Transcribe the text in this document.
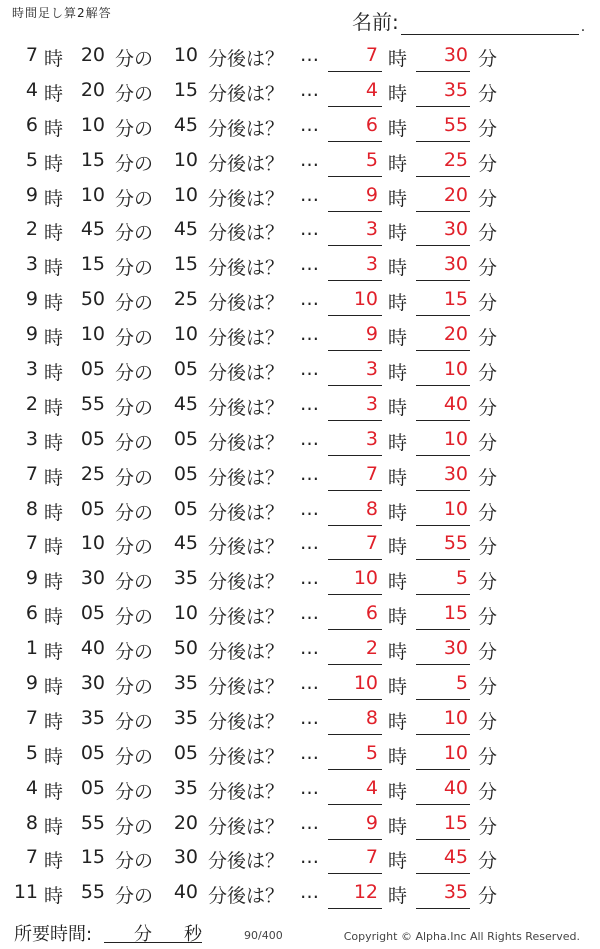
時間足し算2解答	名前:	.
7 時 20 分の	10 分後は？ …	7 時	30 分
4 時 20 分の	15 分後は？ …	4 時	35 分
6 時 10 分の	45 分後は？ …	6 時	55 分
5 時 15 分の	10 分後は？ …	5 時	25 分
9 時 10 分の	10 分後は？ …	9 時	20 分
2 時 45 分の	45 分後は？ …	3 時	30 分
3 時 15 分の	15 分後は？ …	3 時	30 分
9 時 50 分の	25 分後は？ …	10 時	15 分
9 時 10 分の	10 分後は？ …	9 時	20 分
3 時 05 分の	05 分後は？ …	3 時	10 分
2 時 55 分の	45 分後は？ …	3 時	40 分
3 時 05 分の	05 分後は？ …	3 時	10 分
7 時 25 分の	05 分後は？ …	7 時	30 分
8 時 05 分の	05 分後は？ …	8 時	10 分
7 時 10 分の	45 分後は？ …	7 時	55 分
9 時 30 分の	35 分後は？ …	10 時	5 分
6 時 05 分の	10 分後は？ …	6 時	15 分
1 時 40 分の	50 分後は？ …	2 時	30 分
9 時 30 分の	35 分後は？ …	10 時	5 分
7 時 35 分の	35 分後は？ …	8 時	10 分
5 時 05 分の	05 分後は？ …	5 時	10 分
4 時 05 分の	35 分後は？ …	4 時	40 分
8 時 55 分の	20 分後は？ …	9 時	15 分
7 時 15 分の	30 分後は？ …	7 時	45 分
11 時 55 分の	40 分後は？ …	12 時	35 分
所要時間: 分 秒	90/400	Copyright © Alpha.Inc All Rights Reserved.
